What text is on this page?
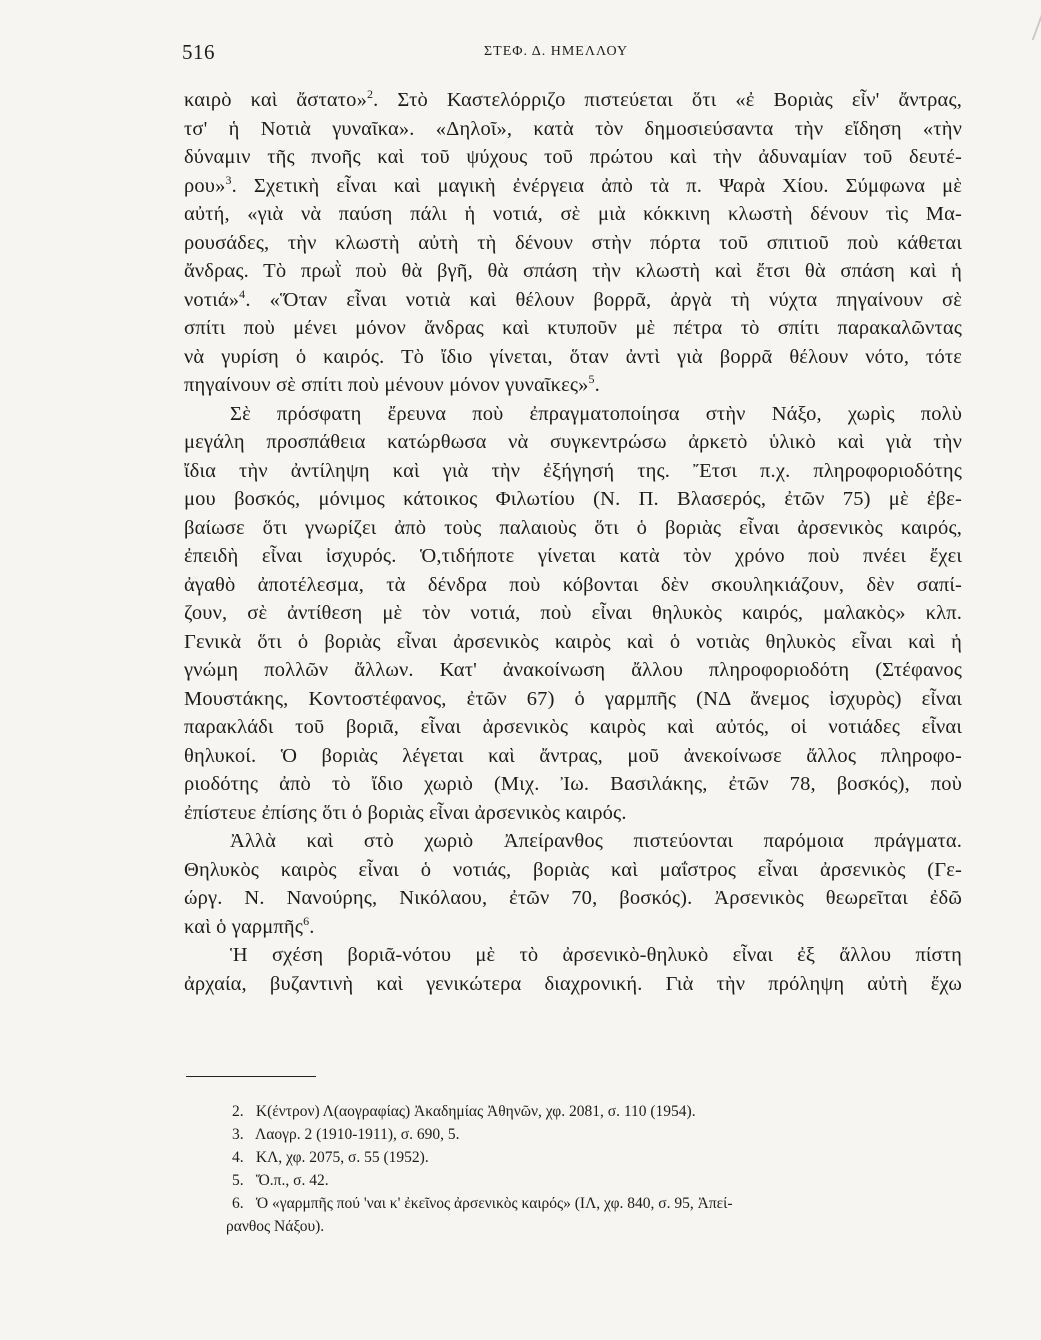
516	ΣΤΕΦ. Δ. ΗΜΕΛΛΟΥ
καιρὸ καὶ ἄστατο»$^2$. Στὸ Καστελόρριζο πιστεύεται ὅτι «ἐ Βοριὰς εἶν' ἄντρας,
τσ' ἡ Νοτιὰ γυναῖκα». «Δηλοῖ», κατὰ τὸν δημοσιεύσαντα τὴν εἴδηση «τὴν
δύναμιν τῆς πνοῆς καὶ τοῦ ψύχους τοῦ πρώτου καὶ τὴν ἀδυναμίαν τοῦ δευτέ-
ρου»$^3$. Σχετικὴ εἶναι καὶ μαγικὴ ἐνέργεια ἀπὸ τὰ π. Ψαρὰ Χίου. Σύμφωνα μὲ
αὐτή, «γιὰ νὰ παύση πάλι ἡ νοτιά, σὲ μιὰ κόκκινη κλωστὴ δένουν τὶς Μα-
ρουσάδες, τὴν κλωστὴ αὐτὴ τὴ δένουν στὴν πόρτα τοῦ σπιτιοῦ ποὺ κάθεται
ἄνδρας. Τὸ πρωῒ ποὺ θὰ βγῆ, θὰ σπάση τὴν κλωστὴ καὶ ἔτσι θὰ σπάση καὶ ἡ
νοτιά»$^4$. «Ὅταν εἶναι νοτιὰ καὶ θέλουν βορρᾶ, ἀργὰ τὴ νύχτα πηγαίνουν σὲ
σπίτι ποὺ μένει μόνον ἄνδρας καὶ κτυποῦν μὲ πέτρα τὸ σπίτι παρακαλῶντας
νὰ γυρίση ὁ καιρός. Τὸ ἴδιο γίνεται, ὅταν ἀντὶ γιὰ βορρᾶ θέλουν νότο, τότε
πηγαίνουν σὲ σπίτι ποὺ μένουν μόνον γυναῖκες»$^5$.
Σὲ πρόσφατη ἔρευνα ποὺ ἐπραγματοποίησα στὴν Νάξο, χωρὶς πολὺ
μεγάλη προσπάθεια κατώρθωσα νὰ συγκεντρώσω ἀρκετὸ ὑλικὸ καὶ γιὰ τὴν
ἴδια τὴν ἀντίληψη καὶ γιὰ τὴν ἐξήγησή της. Ἔτσι π.χ. πληροφοριοδότης
μου βοσκός, μόνιμος κάτοικος Φιλωτίου (Ν. Π. Βλασερός, ἐτῶν 75) μὲ ἐβε-
βαίωσε ὅτι γνωρίζει ἀπὸ τοὺς παλαιοὺς ὅτι ὁ βοριὰς εἶναι ἀρσενικὸς καιρός,
ἐπειδὴ εἶναι ἰσχυρός. Ὁ,τιδήποτε γίνεται κατὰ τὸν χρόνο ποὺ πνέει ἔχει
ἀγαθὸ ἀποτέλεσμα, τὰ δένδρα ποὺ κόβονται δὲν σκουληκιάζουν, δὲν σαπί-
ζουν, σὲ ἀντίθεση μὲ τὸν νοτιά, ποὺ εἶναι θηλυκὸς καιρός, μαλακὸς» κλπ.
Γενικὰ ὅτι ὁ βοριὰς εἶναι ἀρσενικὸς καιρὸς καὶ ὁ νοτιὰς θηλυκὸς εἶναι καὶ ἡ
γνώμη πολλῶν ἄλλων. Κατ' ἀνακοίνωση ἄλλου πληροφοριοδότη (Στέφανος
Μουστάκης, Κοντοστέφανος, ἐτῶν 67) ὁ γαρμπῆς (ΝΔ ἄνεμος ἰσχυρὸς) εἶναι
παρακλάδι τοῦ βοριᾶ, εἶναι ἀρσενικὸς καιρὸς καὶ αὐτός, οἱ νοτιάδες εἶναι
θηλυκοί. Ὁ βοριὰς λέγεται καὶ ἄντρας, μοῦ ἀνεκοίνωσε ἄλλος πληροφο-
ριοδότης ἀπὸ τὸ ἴδιο χωριὸ (Μιχ. Ἰω. Βασιλάκης, ἐτῶν 78, βοσκός), ποὺ
ἐπίστευε ἐπίσης ὅτι ὁ βοριὰς εἶναι ἀρσενικὸς καιρός.
Ἀλλὰ καὶ στὸ χωριὸ Ἀπείρανθος πιστεύονται παρόμοια πράγματα.
Θηλυκὸς καιρὸς εἶναι ὁ νοτιάς, βοριὰς καὶ μαΐστρος εἶναι ἀρσενικὸς (Γε-
ώργ. Ν. Νανούρης, Νικόλαου, ἐτῶν 70, βοσκός). Ἀρσενικὸς θεωρεῖται ἐδῶ
καὶ ὁ γαρμπῆς$^6$.
Ἡ σχέση βοριᾶ-νότου μὲ τὸ ἀρσενικὸ-θηλυκὸ εἶναι ἐξ ἄλλου πίστη
ἀρχαία, βυζαντινὴ καὶ γενικώτερα διαχρονική. Γιὰ τὴν πρόληψη αὐτὴ ἔχω
2. Κ(έντρον) Λ(αογραφίας) Ἀκαδημίας Ἀθηνῶν, χφ. 2081, σ. 110 (1954).
3. Λαογρ. 2 (1910-1911), σ. 690, 5.
4. ΚΛ, χφ. 2075, σ. 55 (1952).
5. Ὅ.π., σ. 42.
6. Ὁ «γαρμπῆς πού 'ναι κ' ἐκεῖνος ἀρσενικὸς καιρός» (ΙΛ, χφ. 840, σ. 95, Ἀπεί-
ρανθος Νάξου).
